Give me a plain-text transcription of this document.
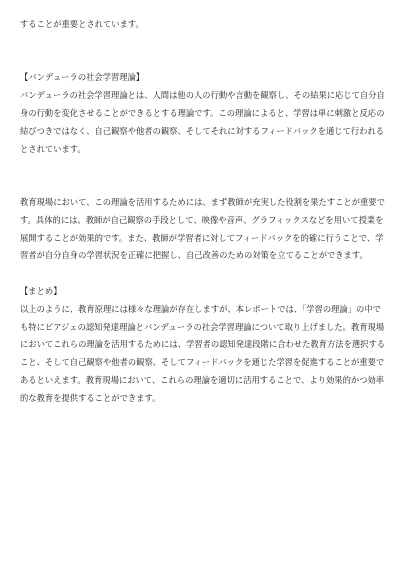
することが重要とされています。
【バンデューラの社会学習理論】
バンデューラの社会学習理論とは、人間は他の人の行動や言動を観察し、その結果に応じて自分自
身の行動を変化させることができるとする理論です。この理論によると、学習は単に刺激と反応の
結びつきではなく、自己観察や他者の観察、そしてそれに対するフィードバックを通じて行われる
とされています。
教育現場において、この理論を活用するためには、まず教師が充実した役割を果たすことが重要で
す。具体的には、教師が自己観察の手段として、映像や音声、グラフィックスなどを用いて授業を
展開することが効果的です。また、教師が学習者に対してフィードバックを的確に行うことで、学
習者が自分自身の学習状況を正確に把握し、自己改善のための対策を立てることができます。
【まとめ】
以上のように、教育原理には様々な理論が存在しますが、本レポートでは、「学習の理論」の中で
も特にピアジェの認知発達理論とバンデューラの社会学習理論について取り上げました。教育現場
においてこれらの理論を活用するためには、学習者の認知発達段階に合わせた教育方法を選択する
こと、そして自己観察や他者の観察、そしてフィードバックを通じた学習を促進することが重要で
あるといえます。教育現場において、これらの理論を適切に活用することで、より効果的かつ効率
的な教育を提供することができます。
